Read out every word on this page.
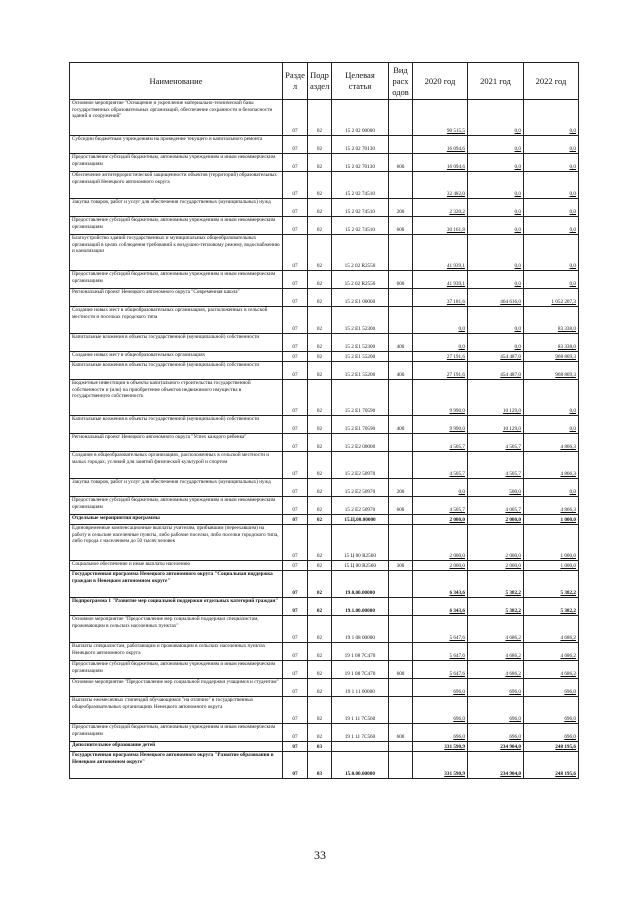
Наименование	Разде л	Подр аздел	Целевая статья	Вид расх одов	2020 год	2021 год	2022 год
Основное мероприятие "Оснащение и укрепление материально-технической базы государственных образовательных организаций, обеспечение сохранности и безопасности зданий и сооружений"	07	02	15 2 02 00000		90 515,5	0,0	0,0
Субсидии бюджетным учреждениям на проведение текущего и капитального ремонта	07	02	15 2 02 70130		16 094,6	0,0	0,0
Предоставление субсидий бюджетным, автономным учреждениям и иным некоммерческим организациям	07	02	15 2 02 70130	600	16 094,6	0,0	0,0
Обеспечение антитеррористической защищенности объектов (территорий) образовательных организаций Ненецкого автономного округа	07	02	15 2 02 74510		32 482,0	0,0	0,0
Закупка товаров, работ и услуг для обеспечения государственных (муниципальных) нужд	07	02	15 2 02 74510	200	2 320,2	0,0	0,0
Предоставление субсидий бюджетным, автономным учреждениям и иным некоммерческим организациям	07	02	15 2 02 74510	600	30 161,8	0,0	0,0
Благоустройство зданий государственных и муниципальных общеобразовательных организаций в целях соблюдения требований к воздушно-тепловому режиму, водоснабжению и канализации	07	02	15 2 02 R2550		41 939,1	0,0	0,0
Предоставление субсидий бюджетным, автономным учреждениям и иным некоммерческим организациям	07	02	15 2 02 R2550	600	41 939,1	0,0	0,0
Региональный проект Ненецкого автономного округа "Современная школа"	07	02	15 2 Е1 00000		37 181,6	464 616,0	1 052 207,3
Создание новых мест в общеобразовательных организациях, расположенных в сельской местности и поселках городского типа	07	02	15 2 Е1 52300		0,0	0,0	83 338,0
Капитальные вложения в объекты государственной (муниципальной) собственности	07	02	15 2 Е1 52300	400	0,0	0,0	83 338,0
Создание новых мест в общеобразовательных организациях	07	02	15 2 Е1 55200		27 191,6	454 487,0	968 869,3
Капитальные вложения в объекты государственной (муниципальной) собственности	07	02	15 2 Е1 55200	400	27 191,6	454 487,0	968 869,3
Бюджетные инвестиции в объекты капитального строительства государственной собственности и (или) на приобретение объектов недвижимого имущества в государственную собственность	07	02	15 2 Е1 70590		9 990,0	10 129,0	0,0
Капитальные вложения в объекты государственной (муниципальной) собственности	07	02	15 2 Е1 70590	400	9 990,0	10 129,0	0,0
Региональный проект Ненецкого автономного округа "Успех каждого ребенка"	07	02	15 2 Е2 00000		4 505,7	4 505,7	4 866,3
Создание в общеобразовательных организациях, расположенных в сельской местности и малых городах, условий для занятий физической культурой и спортом	07	02	15 2 Е2 50970		4 505,7	4 505,7	4 866,3
Закупка товаров, работ и услуг для обеспечения государственных (муниципальных) нужд	07	02	15 2 Е2 50970	200	0,0	500,0	0,0
Предоставление субсидий бюджетным, автономным учреждениям и иным некоммерческим организациям	07	02	15 2 Е2 50970	600	4 505,7	4 005,7	4 866,3
Отдельные мероприятия программы	07	02	15.Ц.00.00000		2 000,0	2 000,0	1 000,0
Единовременные компенсационные выплаты учителям, прибывшим (переехавшим) на работу в сельские населенные пункты, либо рабочие поселки, либо поселки городского типа, либо города с населением до 50 тысяч человек	07	02	15 Ц 00 R2560		2 000,0	2 000,0	1 000,0
Социальное обеспечение и иные выплаты населению	07	02	15 Ц 00 R2560	300	2 000,0	2 000,0	1 000,0
Государственная программа Ненецкого автономного округа "Социальная поддержка граждан в Ненецком автономном округе"	07	02	19.0.00.00000		6 343,6	5 382,2	5 382,2
Подпрограмма 1 "Развитие мер социальной поддержки отдельных категорий граждан"	07	02	19.1.00.00000		6 343,6	5 382,2	5 382,2
Основное мероприятие "Предоставление мер социальной поддержки специалистам, проживающим в сельских населенных пунктах"	07	02	19 1 08 00000		5 647,6	4 686,2	4 686,2
Выплаты специалистам, работающим и проживающим в сельских населенных пунктах Ненецкого автономного округа	07	02	19 1 08 7С470		5 647,6	4 686,2	4 686,2
Предоставление субсидий бюджетным, автономным учреждениям и иным некоммерческим организациям	07	02	19 1 08 7С470	600	5 647,6	4 686,2	4 686,2
Основное мероприятие "Предоставление мер социальной поддержки учащимся и студентам"	07	02	19 1 11 00000		696,0	696,0	696,0
Выплаты ежемесячных стипендий обучающимся "на отлично" в государственных общеобразовательных организациях Ненецкого автономного округа	07	02	19 1 11 7С560		696,0	696,0	696,0
Предоставление субсидий бюджетным, автономным учреждениям и иным некоммерческим организациям	07	02	19 1 11 7С560	600	696,0	696,0	696,0
Дополнительное образование детей	07	03			331 590,9	234 904,0	248 195,6
Государственная программа Ненецкого автономного округа "Развитие образования в Ненецком автономном округе"	07	03	15.0.00.00000		331 590,9	234 904,0	248 195,6
33
